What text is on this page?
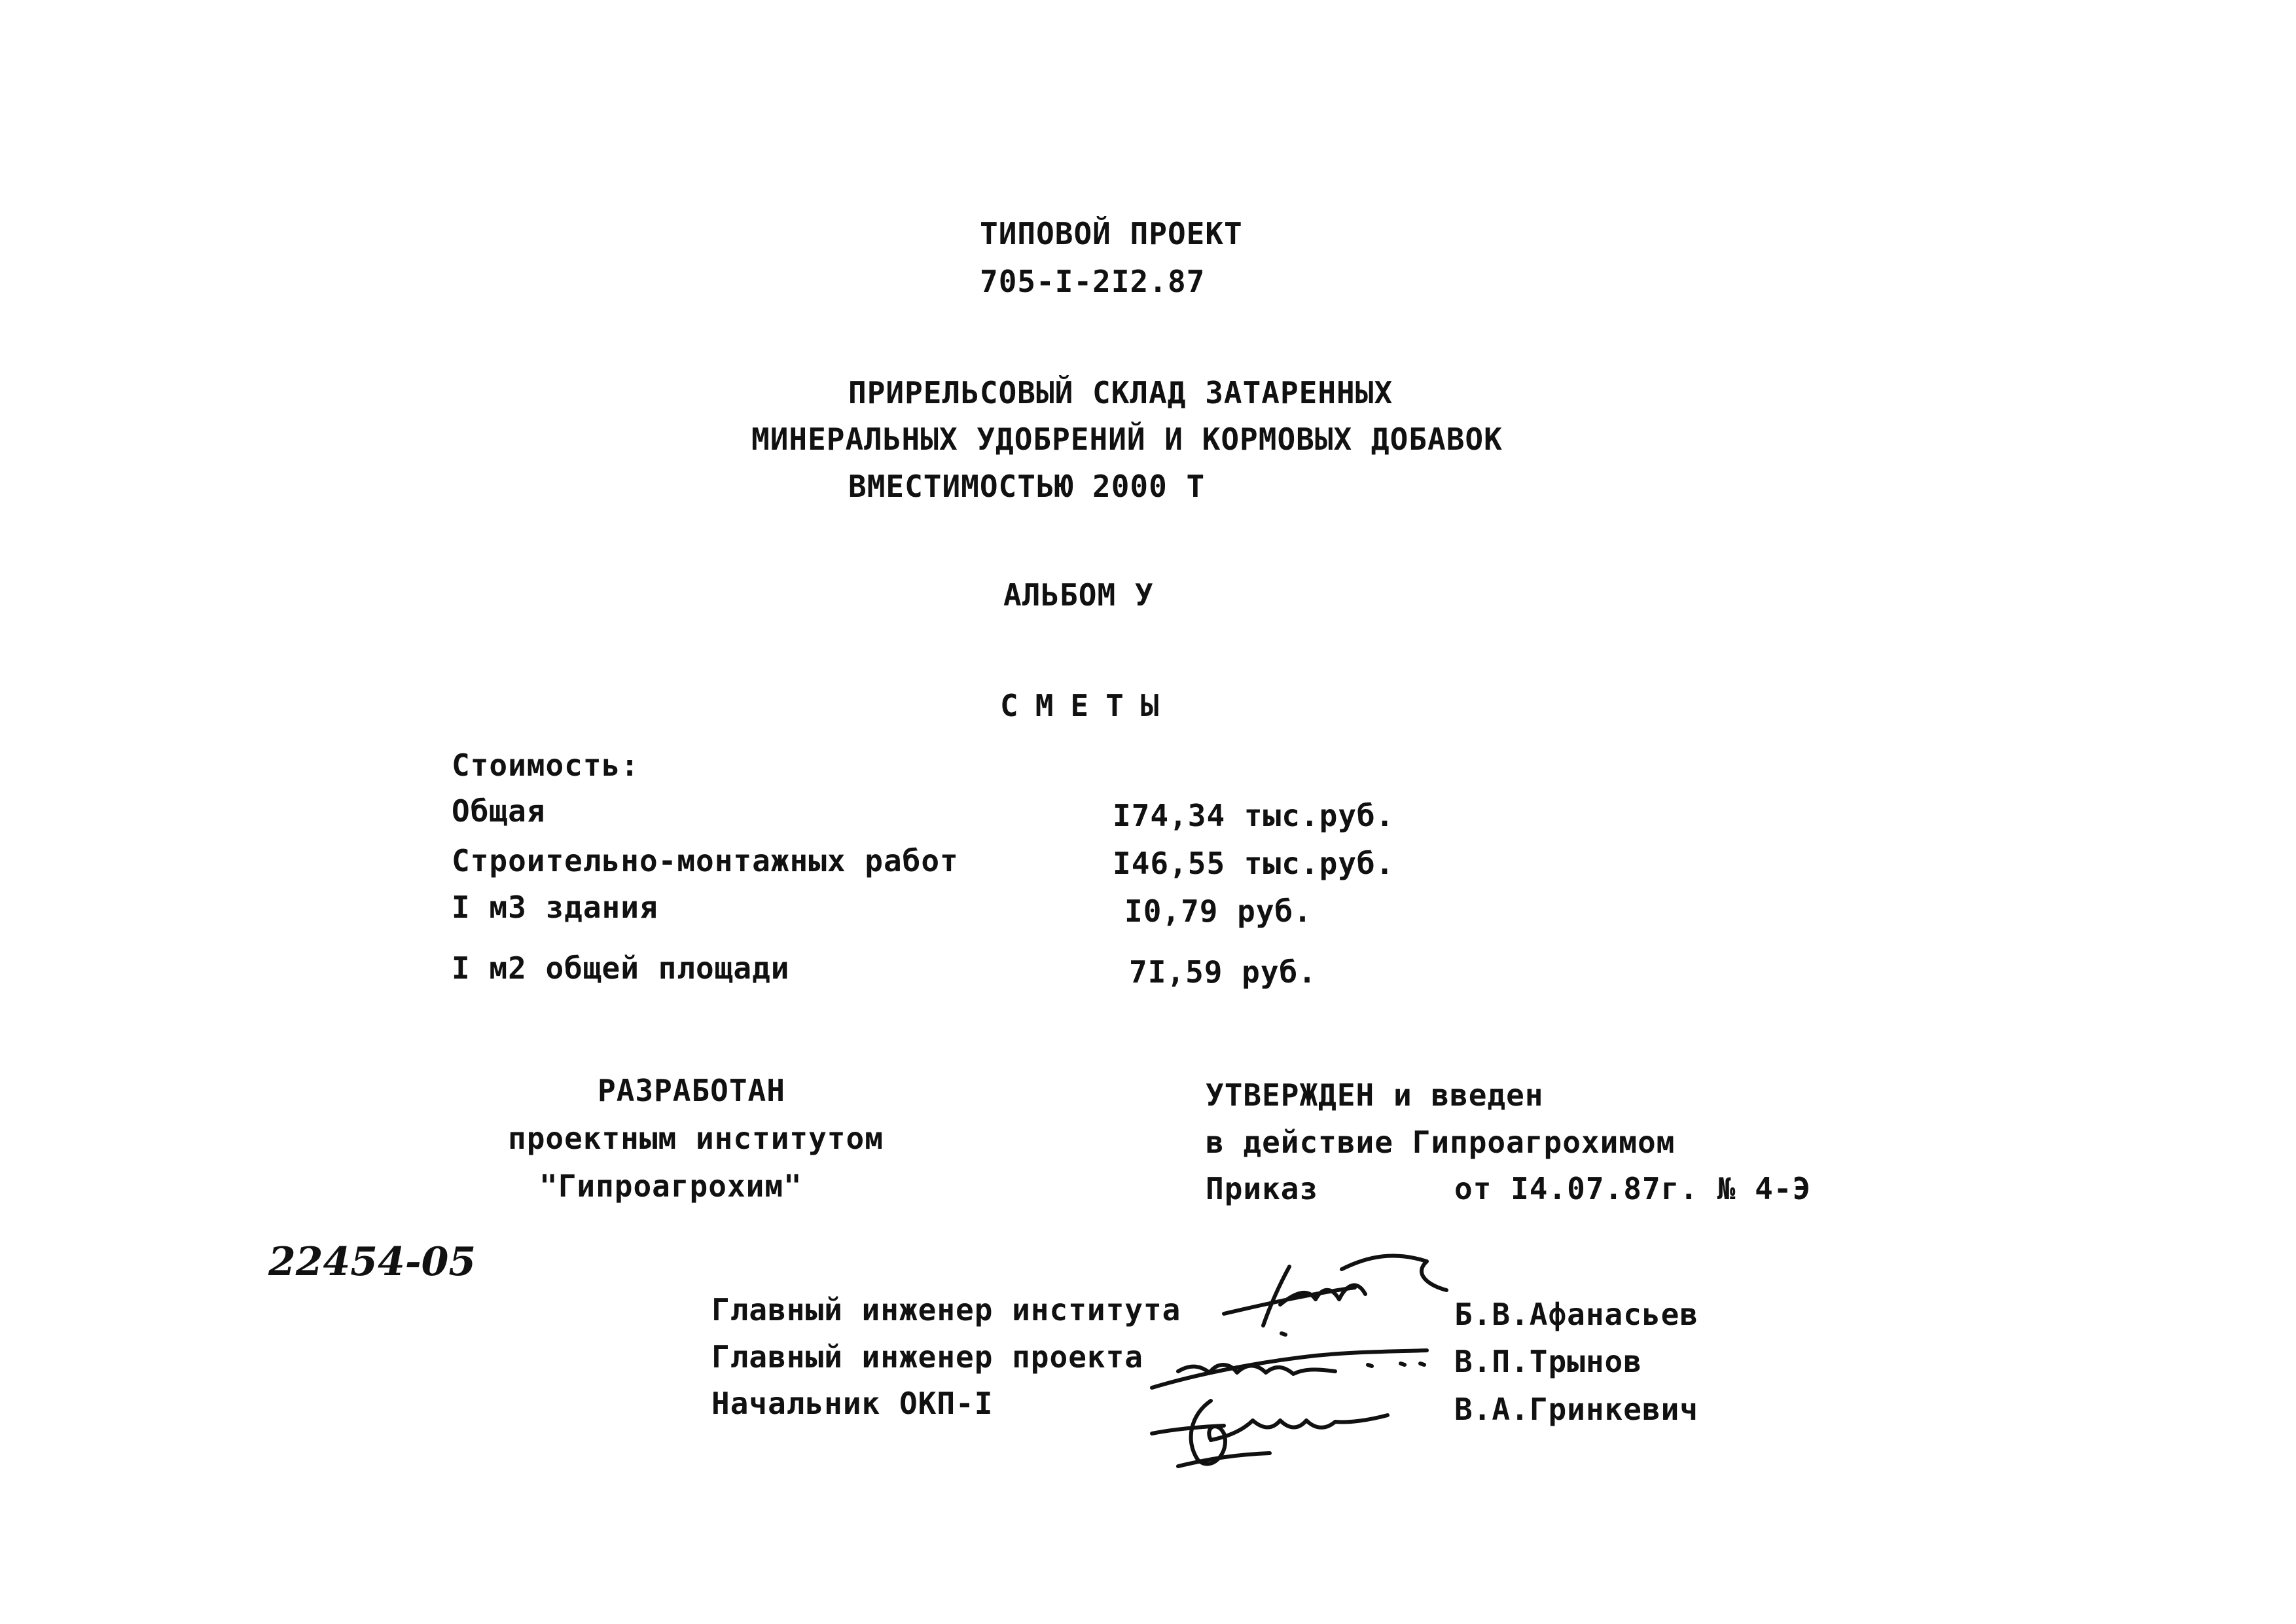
ТИПОВОЙ ПРОЕКТ
705-I-2I2.87
ПРИРЕЛЬСОВЫЙ СКЛАД ЗАТАРЕННЫХ
МИНЕРАЛЬНЫХ УДОБРЕНИЙ И КОРМОВЫХ ДОБАВОК
ВМЕСТИМОСТЬЮ 2000 Т
АЛЬБОМ У
СМЕТЫ
Стоимость:
Общая	I74,34 тыс.руб.
Строительно-монтажных работ	I46,55 тыс.руб.
I м3 здания	I0,79 руб.
I м2 общей площади	7I,59 руб.
РАЗРАБОТАН
проектным институтом
"Гипроагрохим"
УТВЕРЖДЕН и введен
в действие Гипроагрохимом
Приказ	от I4.07.87г. № 4-Э
22454-05
Главный инженер института	Б.В.Афанасьев
Главный инженер проекта	В.П.Трынов
Начальник ОКП-I	В.А.Гринкевич
